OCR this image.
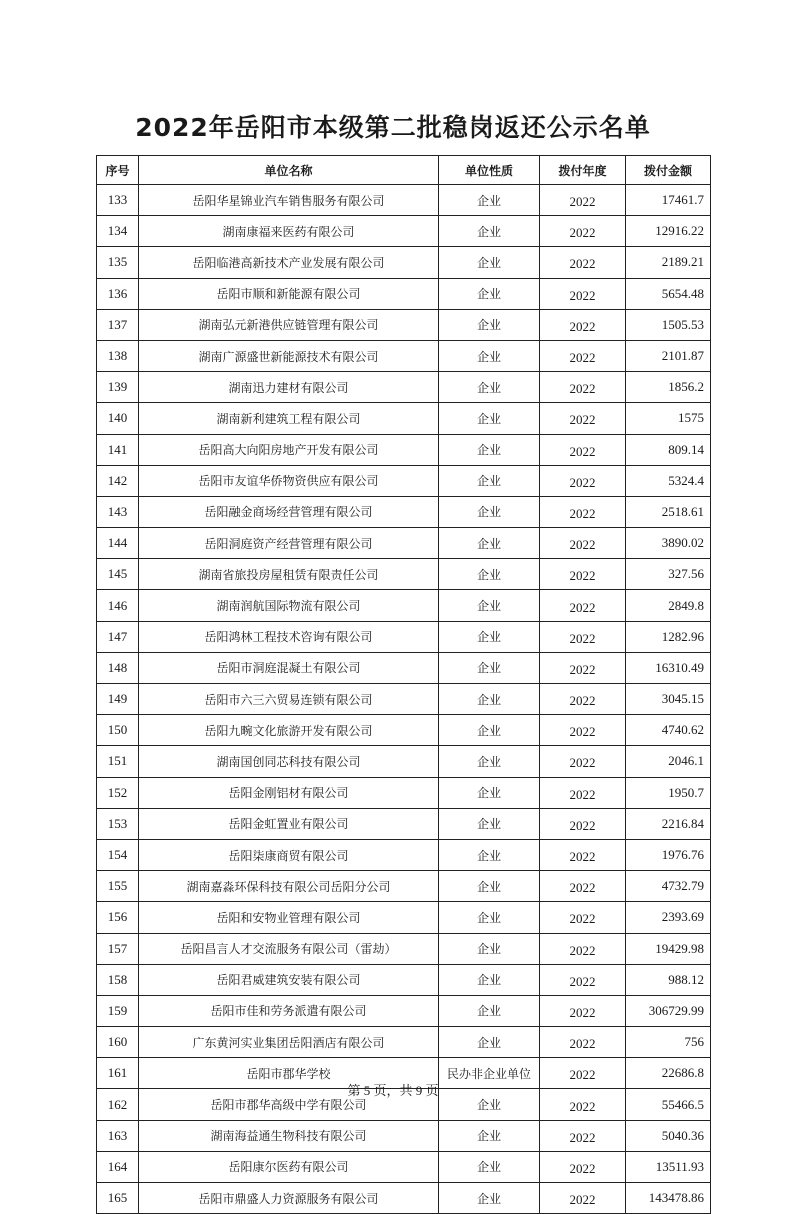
2022年岳阳市本级第二批稳岗返还公示名单
序号	单位名称	单位性质	拨付年度	拨付金额
133	岳阳华星锦业汽车销售服务有限公司	企业	2022	17461.7
134	湖南康福来医药有限公司	企业	2022	12916.22
135	岳阳临港高新技术产业发展有限公司	企业	2022	2189.21
136	岳阳市顺和新能源有限公司	企业	2022	5654.48
137	湖南弘元新港供应链管理有限公司	企业	2022	1505.53
138	湖南广源盛世新能源技术有限公司	企业	2022	2101.87
139	湖南迅力建材有限公司	企业	2022	1856.2
140	湖南新利建筑工程有限公司	企业	2022	1575
141	岳阳高大向阳房地产开发有限公司	企业	2022	809.14
142	岳阳市友谊华侨物资供应有限公司	企业	2022	5324.4
143	岳阳融金商场经营管理有限公司	企业	2022	2518.61
144	岳阳洞庭资产经营管理有限公司	企业	2022	3890.02
145	湖南省旅投房屋租赁有限责任公司	企业	2022	327.56
146	湖南润航国际物流有限公司	企业	2022	2849.8
147	岳阳鸿林工程技术咨询有限公司	企业	2022	1282.96
148	岳阳市洞庭混凝土有限公司	企业	2022	16310.49
149	岳阳市六三六贸易连锁有限公司	企业	2022	3045.15
150	岳阳九畹文化旅游开发有限公司	企业	2022	4740.62
151	湖南国创同芯科技有限公司	企业	2022	2046.1
152	岳阳金刚铝材有限公司	企业	2022	1950.7
153	岳阳金虹置业有限公司	企业	2022	2216.84
154	岳阳柒康商贸有限公司	企业	2022	1976.76
155	湖南嘉淼环保科技有限公司岳阳分公司	企业	2022	4732.79
156	岳阳和安物业管理有限公司	企业	2022	2393.69
157	岳阳昌言人才交流服务有限公司（雷劫）	企业	2022	19429.98
158	岳阳君威建筑安装有限公司	企业	2022	988.12
159	岳阳市佳和劳务派遣有限公司	企业	2022	306729.99
160	广东黄河实业集团岳阳酒店有限公司	企业	2022	756
161	岳阳市郡华学校	民办非企业单位	2022	22686.8
162	岳阳市郡华高级中学有限公司	企业	2022	55466.5
163	湖南海益通生物科技有限公司	企业	2022	5040.36
164	岳阳康尔医药有限公司	企业	2022	13511.93
165	岳阳市鼎盛人力资源服务有限公司	企业	2022	143478.86
第 5 页，共 9 页
